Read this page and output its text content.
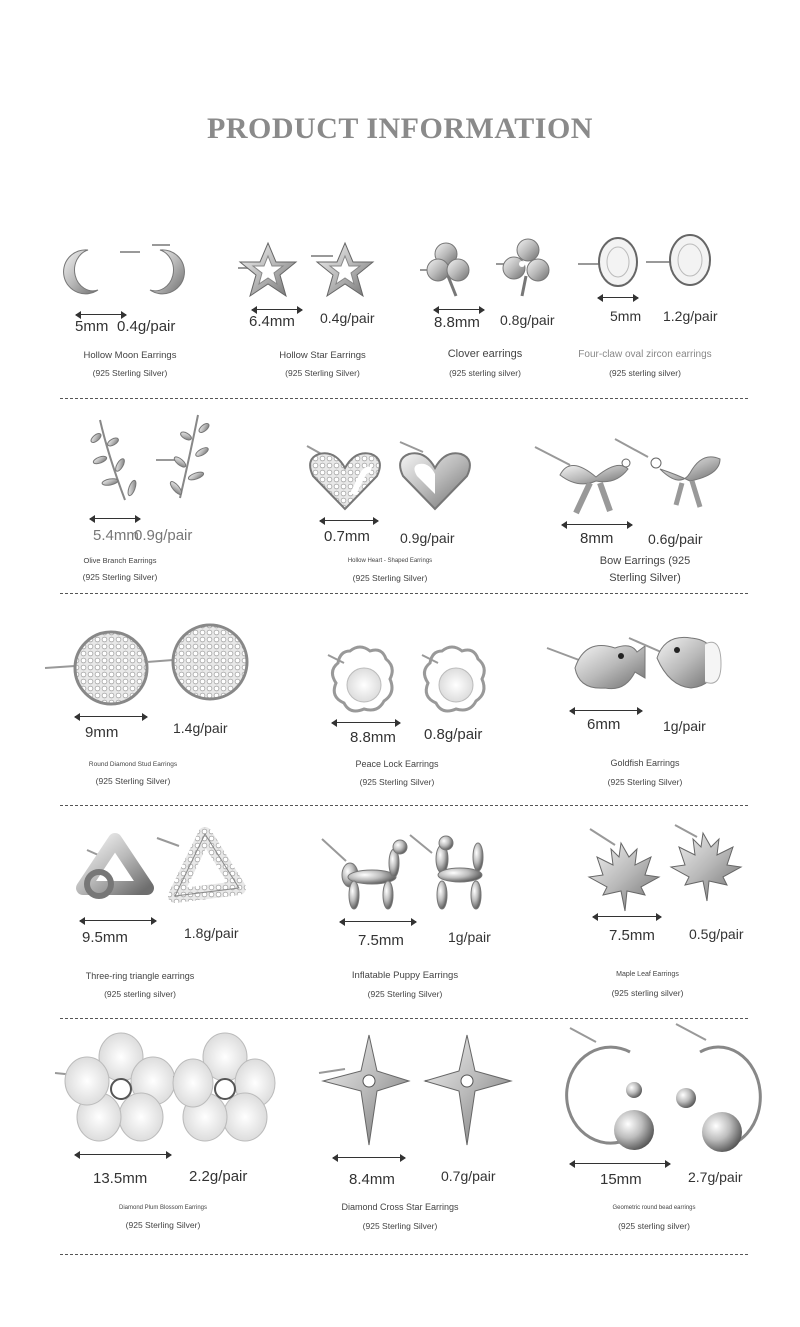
PRODUCT INFORMATION
5mm 0.4g/pair
Hollow Moon Earrings
(925 Sterling Silver)
6.4mm 0.4g/pair
Hollow Star Earrings
(925 Sterling Silver)
8.8mm 0.8g/pair
Clover earrings
(925 sterling silver)
5mm 1.2g/pair
Four-claw oval zircon earrings
(925 sterling silver)
5.4mm
0.9g/pair
Olive Branch Earrings
(925 Sterling Silver)
0.7mm 0.9g/pair
Hollow Heart - Shaped Earrings
(925 Sterling Silver)
8mm 0.6g/pair
Bow Earrings (925
Sterling Silver)
9mm	1.4g/pair
Round Diamond Stud Earrings
(925 Sterling Silver)
8.8mm 0.8g/pair
Peace Lock Earrings
(925 Sterling Silver)
6mm	1g/pair
Goldfish Earrings
(925 Sterling Silver)
9.5mm	1.8g/pair
Three-ring triangle earrings
(925 sterling silver)
7.5mm	1g/pair
Inflatable Puppy Earrings
(925 Sterling Silver)
7.5mm 0.5g/pair
Maple Leaf Earrings
(925 sterling silver)
13.5mm	2.2g/pair
Diamond Plum Blossom Earrings
(925 Sterling Silver)
8.4mm	0.7g/pair
Diamond Cross Star Earrings
(925 Sterling Silver)
15mm	2.7g/pair
Geometric round bead earrings
(925 sterling silver)
